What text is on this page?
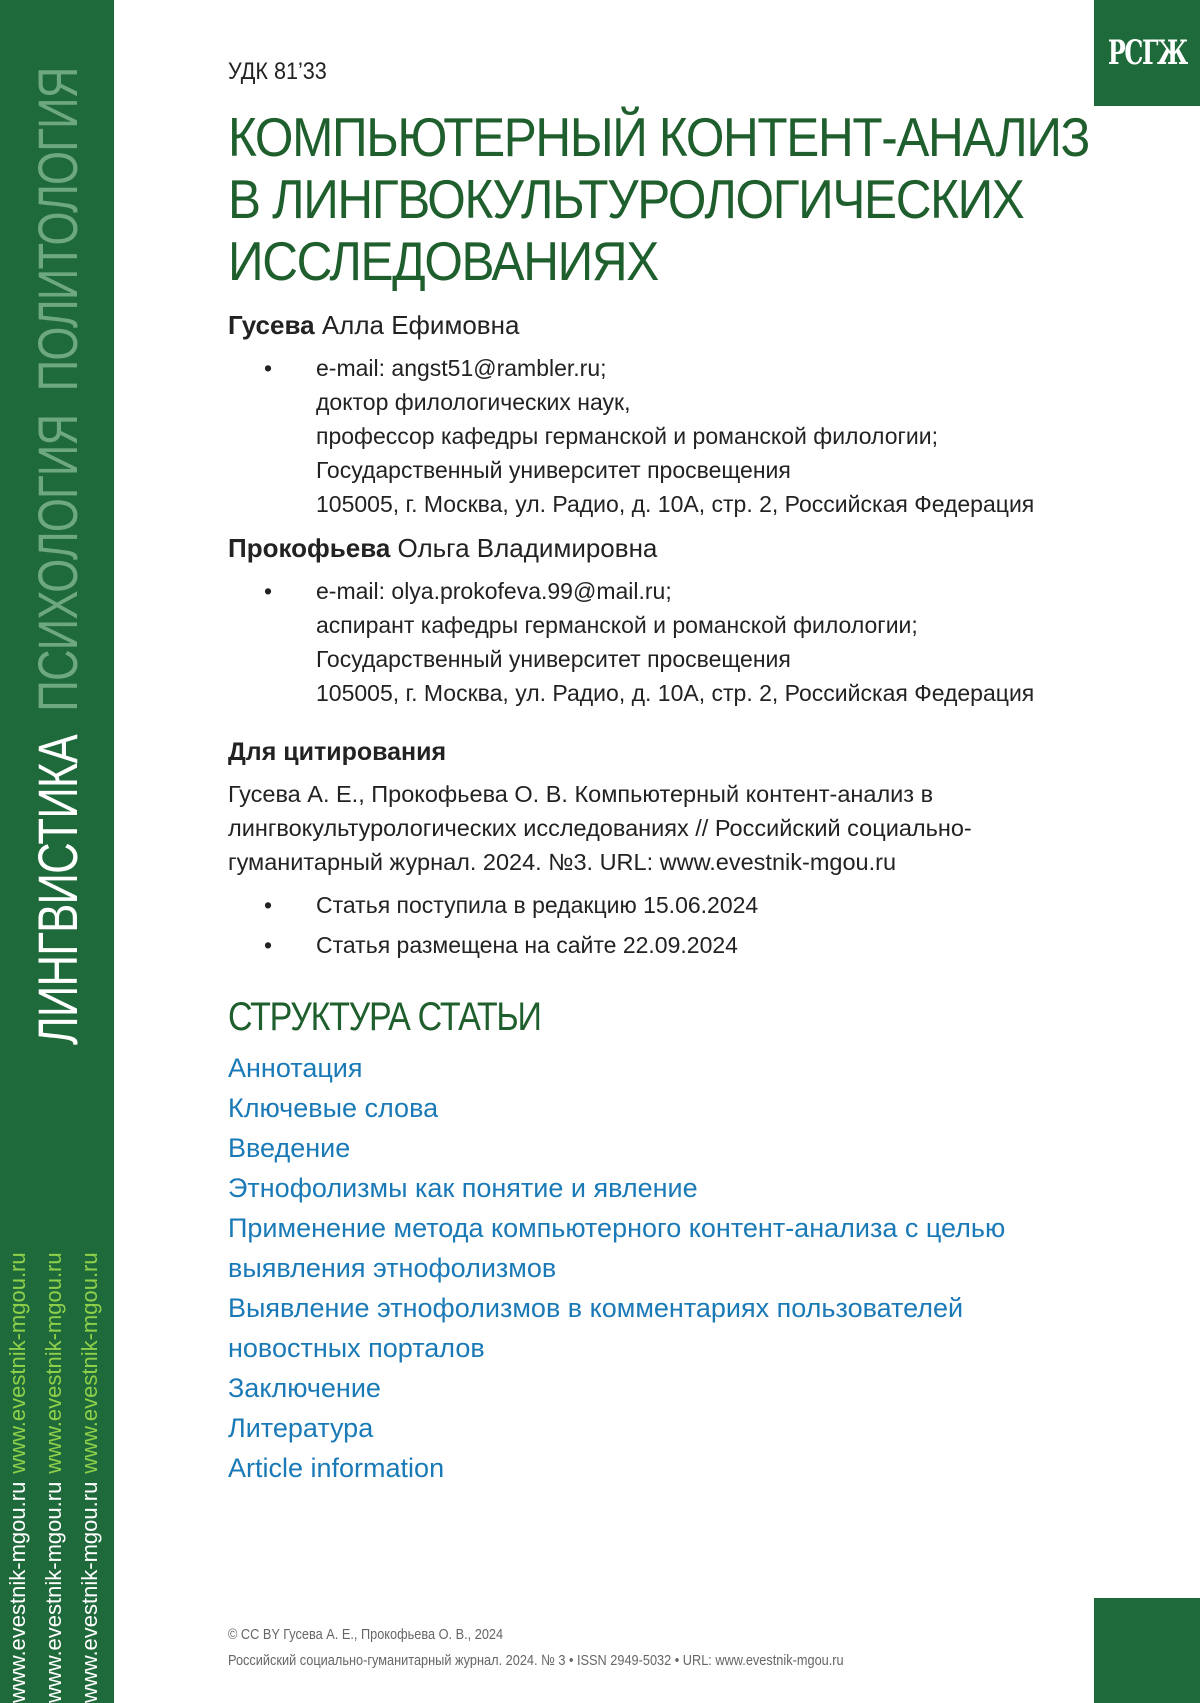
ЛИНГВИСТИКАПСИХОЛОГИЯПОЛИТОЛОГИЯ
www.evestnik-mgou.ruwww.evestnik-mgou.ru
www.evestnik-mgou.ruwww.evestnik-mgou.ru
www.evestnik-mgou.ruwww.evestnik-mgou.ru
РСГЖ
УДК 81’33
КОМПЬЮТЕРНЫЙ КОНТЕНТ-АНАЛИЗ В ЛИНГВОКУЛЬТУРОЛОГИЧЕСКИХ ИССЛЕДОВАНИЯХ
Гусева Алла Ефимовна
• e-mail: angst51@rambler.ru;
доктор филологических наук,
профессор кафедры германской и романской филологии;
Государственный университет просвещения
105005, г. Москва, ул. Радио, д. 10А, стр. 2, Российская Федерация
Прокофьева Ольга Владимировна
• e-mail: olya.prokofeva.99@mail.ru;
аспирант кафедры германской и романской филологии;
Государственный университет просвещения
105005, г. Москва, ул. Радио, д. 10А, стр. 2, Российская Федерация
Для цитирования
Гусева А. Е., Прокофьева О. В. Компьютерный контент-анализ в лингвокультурологических исследованиях // Российский социально-гуманитарный журнал. 2024. №3. URL: www.evestnik-mgou.ru
• Статья поступила в редакцию 15.06.2024
• Статья размещена на сайте 22.09.2024
СТРУКТУРА СТАТЬИ
Аннотация
Ключевые слова
Введение
Этнофолизмы как понятие и явление
Применение метода компьютерного контент-анализа с целью выявления этнофолизмов
Выявление этнофолизмов в комментариях пользователей новостных порталов
Заключение
Литература
Article information
© CC BY Гусева А. Е., Прокофьева О. В., 2024
Российский социально-гуманитарный журнал. 2024. № 3 • ISSN 2949-5032 • URL: www.evestnik-mgou.ru
